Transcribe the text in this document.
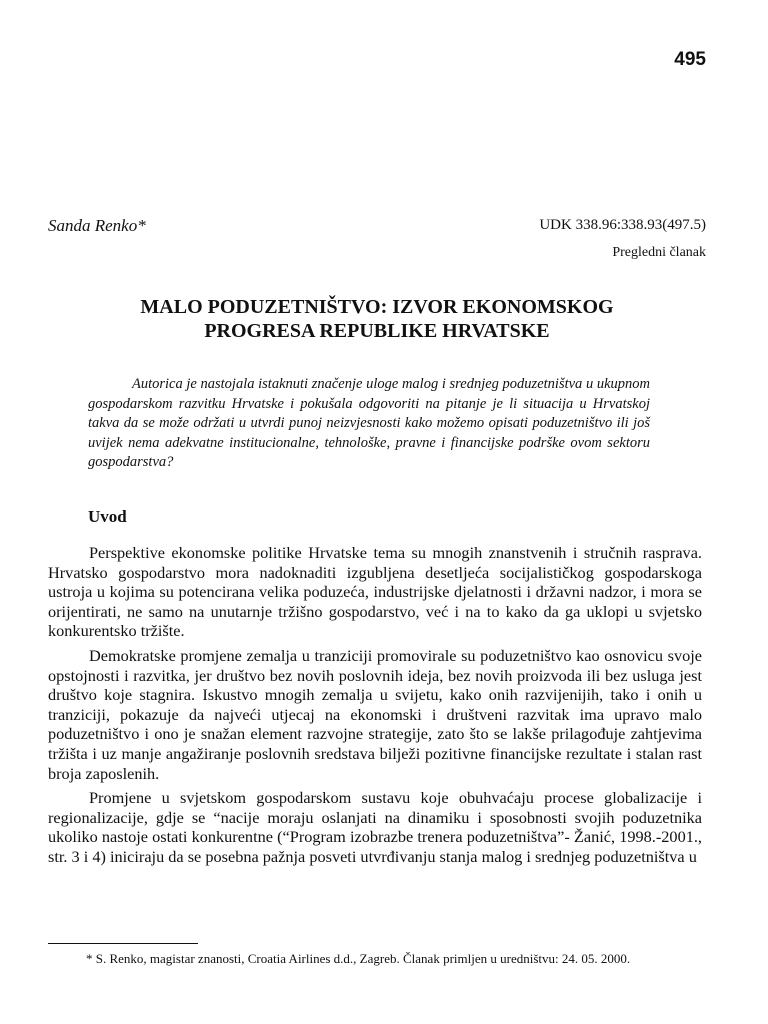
495
Sanda Renko*	UDK 338.96:338.93(497.5)
Pregledni članak
MALO PODUZETNIŠTVO: IZVOR EKONOMSKOG
PROGRESA REPUBLIKE HRVATSKE

Autorica je nastojala istaknuti značenje uloge malog i srednjeg poduzetništva u ukupnom gospodarskom razvitku Hrvatske i pokušala odgovoriti na pitanje je li situacija u Hrvatskoj takva da se može održati u utvrdi punoj neizvjesnosti kako možemo opisati poduzetništvo ili još uvijek nema adekvatne institucionalne, tehnološke, pravne i financijske podrške ovom sektoru gospodarstva?

Uvod

Perspektive ekonomske politike Hrvatske tema su mnogih znanstvenih i stručnih rasprava. Hrvatsko gospodarstvo mora nadoknaditi izgubljena desetljeća socijalističkog gospodarskoga ustroja u kojima su potencirana velika poduzeća, industrijske djelatnosti i državni nadzor, i mora se orijentirati, ne samo na unutarnje tržišno gospodarstvo, već i na to kako da ga uklopi u svjetsko konkurentsko tržište.

Demokratske promjene zemalja u tranziciji promovirale su poduzetništvo kao osnovicu svoje opstojnosti i razvitka, jer društvo bez novih poslovnih ideja, bez novih proizvoda ili bez usluga jest društvo koje stagnira. Iskustvo mnogih zemalja u svijetu, kako onih razvijenijih, tako i onih u tranziciji, pokazuje da najveći utjecaj na ekonomski i društveni razvitak ima upravo malo poduzetništvo i ono je snažan element razvojne strategije, zato što se lakše prilagođuje zahtjevima tržišta i uz manje angažiranje poslovnih sredstava bilježi pozitivne financijske rezultate i stalan rast broja zaposlenih.

Promjene u svjetskom gospodarskom sustavu koje obuhvaćaju procese globalizacije i regionalizacije, gdje se “nacije moraju oslanjati na dinamiku i sposobnosti svojih poduzetnika ukoliko nastoje ostati konkurentne (“Program izobrazbe trenera poduzetništva”- Žanić, 1998.-2001., str. 3 i 4) iniciraju da se posebna pažnja posveti utvrđivanju stanja malog i srednjeg poduzetništva u

* S. Renko, magistar znanosti, Croatia Airlines d.d., Zagreb. Članak primljen u uredništvu: 24. 05. 2000.
